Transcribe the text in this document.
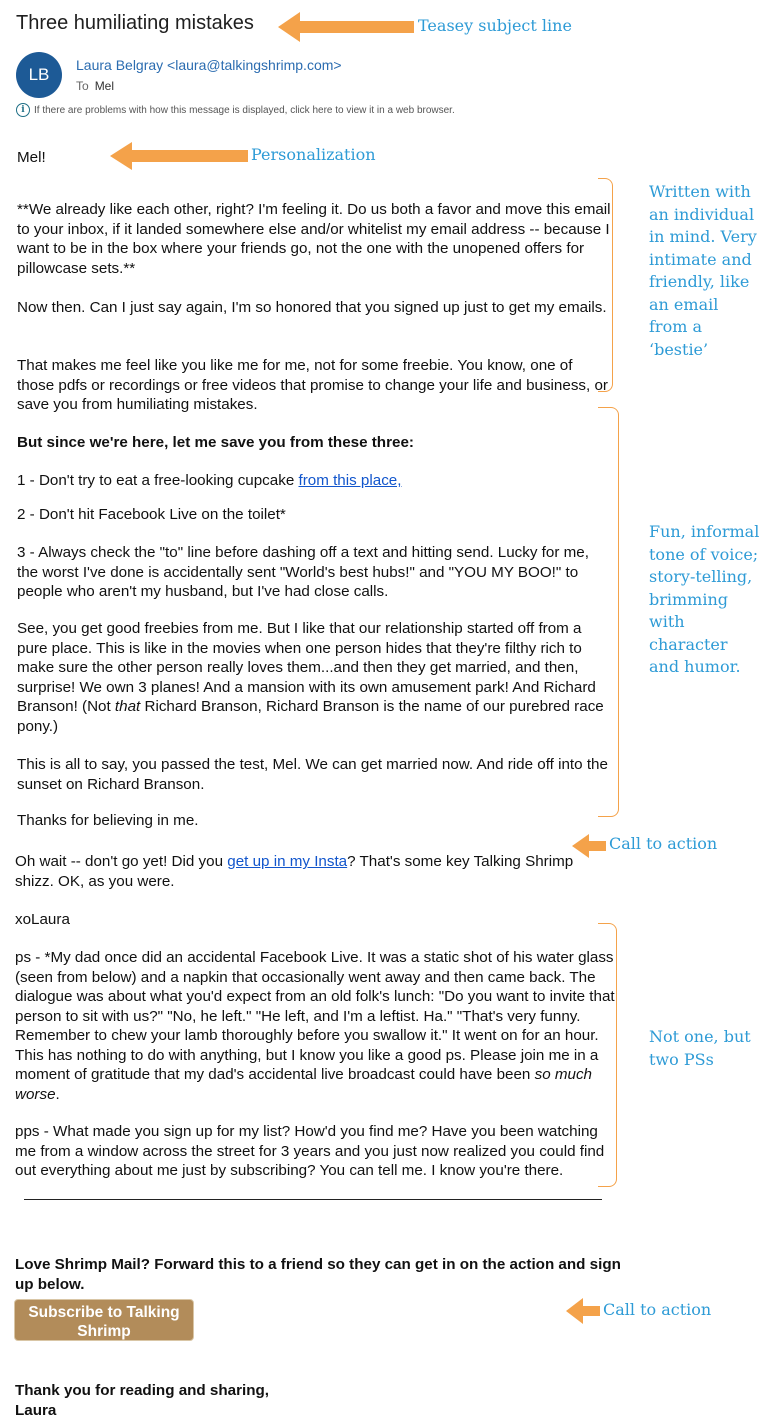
Three humiliating mistakes
LB Laura Belgray <laura@talkingshrimp.com>
To Mel
i If there are problems with how this message is displayed, click here to view it in a web browser.
Mel!

**We already like each other, right? I'm feeling it. Do us both a favor and move this email to your inbox, if it landed somewhere else and/or whitelist my email address -- because I want to be in the box where your friends go, not the one with the unopened offers for pillowcase sets.**

Now then. Can I just say again, I'm so honored that you signed up just to get my emails.

That makes me feel like you like me for me, not for some freebie. You know, one of those pdfs or recordings or free videos that promise to change your life and business, or save you from humiliating mistakes.

But since we're here, let me save you from these three:

1 - Don't try to eat a free-looking cupcake from this place,

2 - Don't hit Facebook Live on the toilet*

3 - Always check the "to" line before dashing off a text and hitting send. Lucky for me, the worst I've done is accidentally sent "World's best hubs!" and "YOU MY BOO!" to people who aren't my husband, but I've had close calls.

See, you get good freebies from me. But I like that our relationship started off from a pure place. This is like in the movies when one person hides that they're filthy rich to make sure the other person really loves them...and then they get married, and then, surprise! We own 3 planes! And a mansion with its own amusement park! And Richard Branson! (Not that Richard Branson, Richard Branson is the name of our purebred race pony.)

This is all to say, you passed the test, Mel. We can get married now. And ride off into the sunset on Richard Branson.

Thanks for believing in me.

Oh wait -- don't go yet! Did you get up in my Insta? That's some key Talking Shrimp shizz. OK, as you were.

xoLaura

ps - *My dad once did an accidental Facebook Live. It was a static shot of his water glass (seen from below) and a napkin that occasionally went away and then came back. The dialogue was about what you'd expect from an old folk's lunch: "Do you want to invite that person to sit with us?" "No, he left." "He left, and I'm a leftist. Ha." "That's very funny. Remember to chew your lamb thoroughly before you swallow it." It went on for an hour. This has nothing to do with anything, but I know you like a good ps. Please join me in a moment of gratitude that my dad's accidental live broadcast could have been so much worse.

pps - What made you sign up for my list? How'd you find me? Have you been watching me from a window across the street for 3 years and you just now realized you could find out everything about me just by subscribing? You can tell me. I know you're there.

Love Shrimp Mail? Forward this to a friend so they can get in on the action and sign up below.

Subscribe to Talking Shrimp

Thank you for reading and sharing,
Laura

Teasey subject line
Personalization
Call to action
Call to action
Written with an individual in mind. Very intimate and friendly, like an email from a ‘bestie’
Fun, informal tone of voice; story-telling, brimming with character and humor.
Not one, but two PSs
